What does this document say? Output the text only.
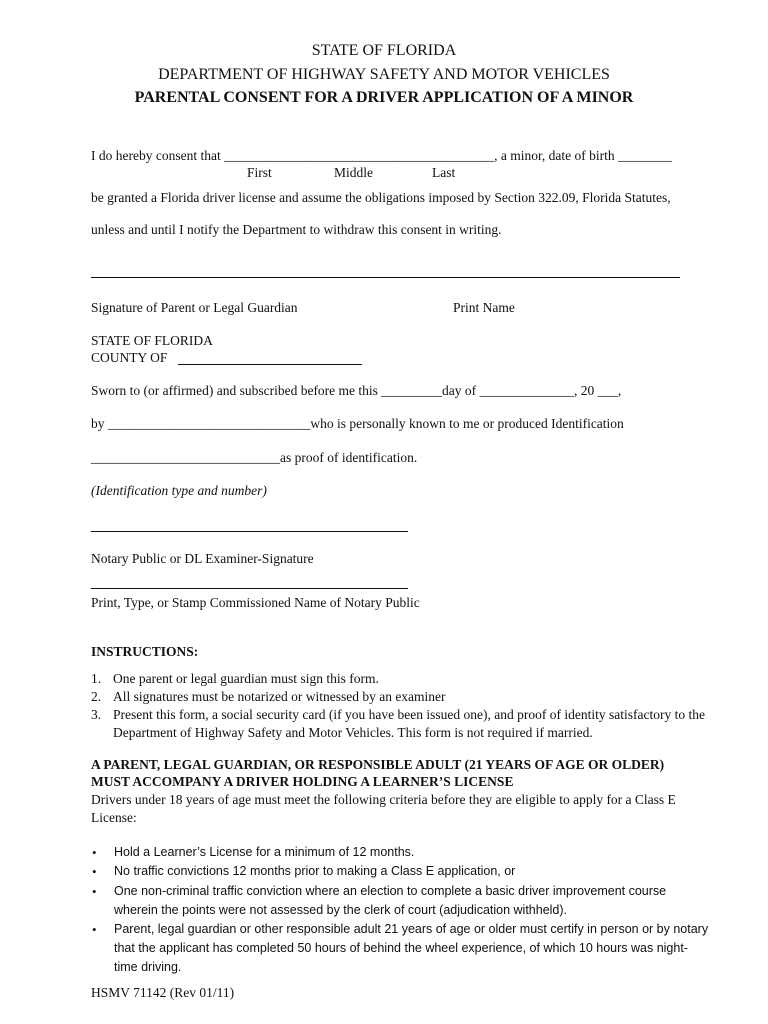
STATE OF FLORIDA
DEPARTMENT OF HIGHWAY SAFETY AND MOTOR VEHICLES
PARENTAL CONSENT FOR A DRIVER APPLICATION OF A MINOR
I do hereby consent that ________________________________________, a minor, date of birth ________
First	Middle	Last
be granted a Florida driver license and assume the obligations imposed by Section 322.09, Florida Statutes,
unless and until I notify the Department to withdraw this consent in writing.
Signature of Parent or Legal Guardian	Print Name
STATE OF FLORIDA
COUNTY OF
Sworn to (or affirmed) and subscribed before me this _________day of ______________, 20 ___,
by ______________________________who is personally known to me or produced Identification
____________________________as proof of identification.
(Identification type and number)
Notary Public or DL Examiner-Signature
Print, Type, or Stamp Commissioned Name of Notary Public
INSTRUCTIONS:
1. One parent or legal guardian must sign this form.
2. All signatures must be notarized or witnessed by an examiner
3. Present this form, a social security card (if you have been issued one), and proof of identity satisfactory to the
Department of Highway Safety and Motor Vehicles. This form is not required if married.
A PARENT, LEGAL GUARDIAN, OR RESPONSIBLE ADULT (21 YEARS OF AGE OR OLDER)
MUST ACCOMPANY A DRIVER HOLDING A LEARNER’S LICENSE
Drivers under 18 years of age must meet the following criteria before they are eligible to apply for a Class E
License:
• Hold a Learner’s License for a minimum of 12 months.
• No traffic convictions 12 months prior to making a Class E application, or
• One non-criminal traffic conviction where an election to complete a basic driver improvement course
wherein the points were not assessed by the clerk of court (adjudication withheld).
• Parent, legal guardian or other responsible adult 21 years of age or older must certify in person or by notary
that the applicant has completed 50 hours of behind the wheel experience, of which 10 hours was night-
time driving.
HSMV 71142 (Rev 01/11)
